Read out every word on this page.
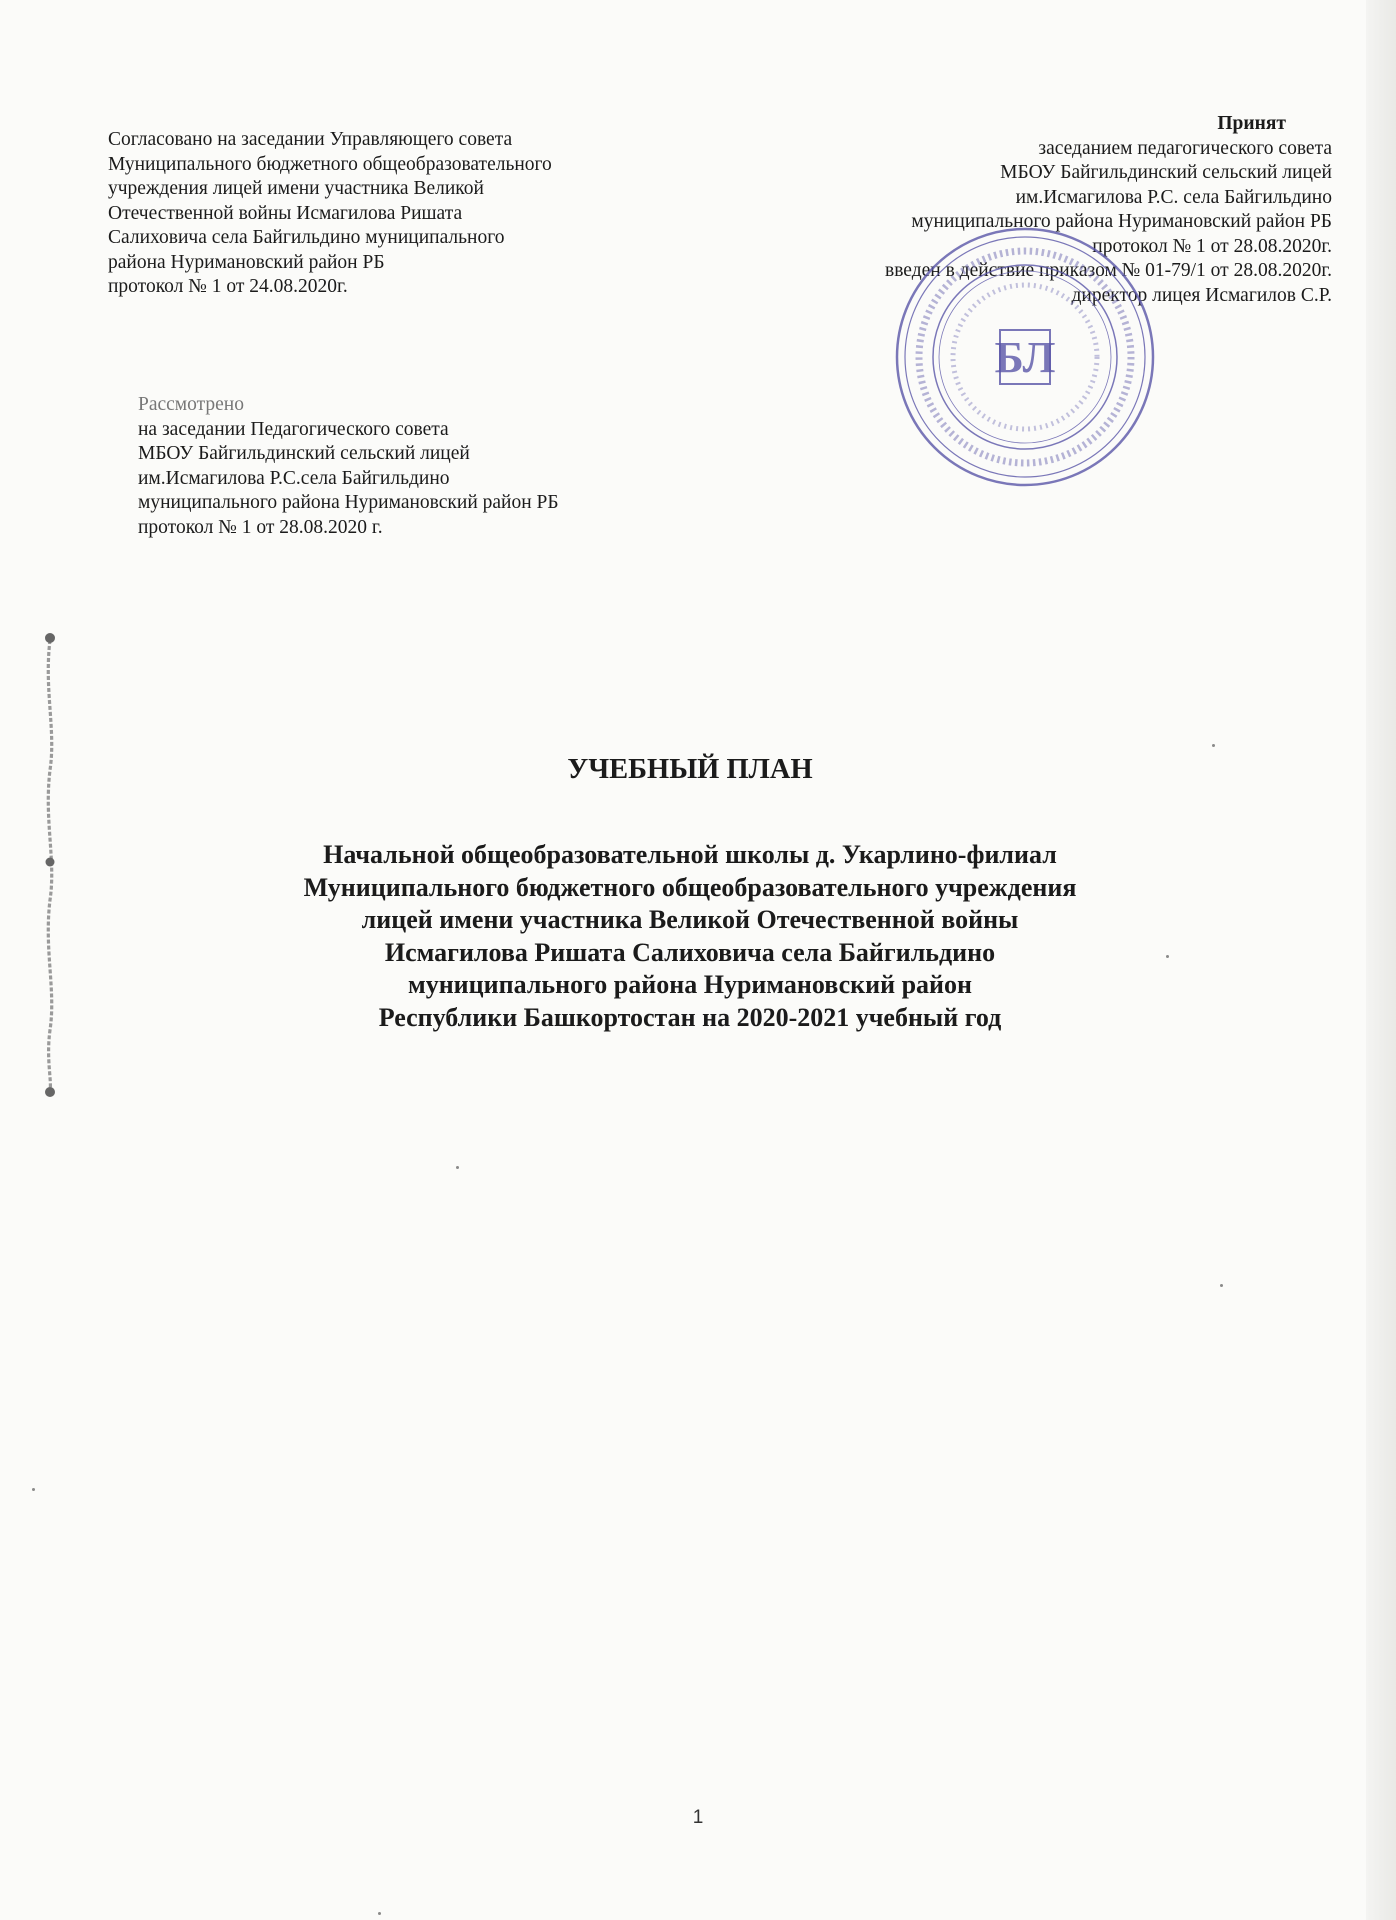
Согласовано на заседании Управляющего совета
Муниципального бюджетного общеобразовательного
учреждения лицей имени участника Великой
Отечественной войны Исмагилова Ришата
Салиховича села Байгильдино муниципального
района Нуримановский район РБ
протокол № 1 от 24.08.2020г.
Принят
заседанием педагогического совета
МБОУ Байгильдинский сельский лицей
им.Исмагилова Р.С. села Байгильдино
муниципального района Нуримановский район РБ
протокол № 1 от 28.08.2020г.
введен в действие приказом № 01-79/1 от 28.08.2020г.
директор лицея Исмагилов С.Р.
БЛ
Рассмотрено
на заседании Педагогического совета
МБОУ Байгильдинский сельский лицей
им.Исмагилова Р.С.села Байгильдино
муниципального района Нуримановский район РБ
протокол № 1 от 28.08.2020 г.
УЧЕБНЫЙ ПЛАН
Начальной общеобразовательной школы д. Укарлино-филиал
Муниципального бюджетного общеобразовательного учреждения
лицей имени участника Великой Отечественной войны
Исмагилова Ришата Салиховича села Байгильдино
муниципального района Нуримановский район
Республики Башкортостан на 2020-2021 учебный год
1
